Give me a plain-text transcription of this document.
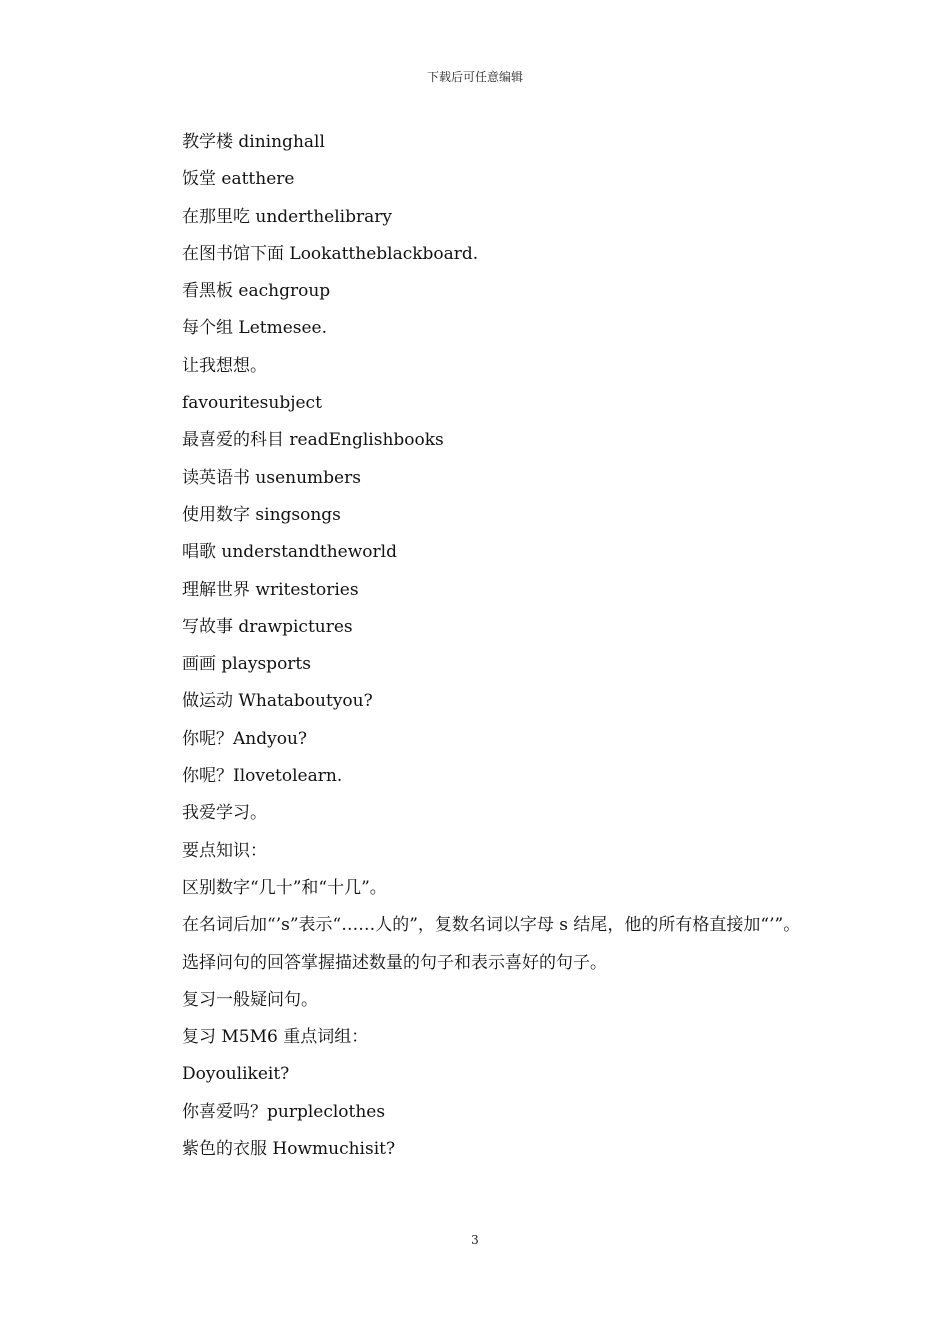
下载后可任意编辑
教学楼 dininghall
饭堂 eatthere
在那里吃 underthelibrary
在图书馆下面 Lookattheblackboard.
看黑板 eachgroup
每个组 Letmesee.
让我想想。
favouritesubject
最喜爱的科目 readEnglishbooks
读英语书 usenumbers
使用数字 singsongs
唱歌 understandtheworld
理解世界 writestories
写故事 drawpictures
画画 playsports
做运动 Whataboutyou?
你呢？Andyou?
你呢？Ilovetolearn.
我爱学习。
要点知识：
区别数字“几十”和“十几”。
在名词后加“’s”表示“……人的”，复数名词以字母 s 结尾，他的所有格直接加“’”。
选择问句的回答掌握描述数量的句子和表示喜好的句子。
复习一般疑问句。
复习 M5M6 重点词组：
Doyoulikeit?
你喜爱吗？purpleclothes
紫色的衣服 Howmuchisit?
3
